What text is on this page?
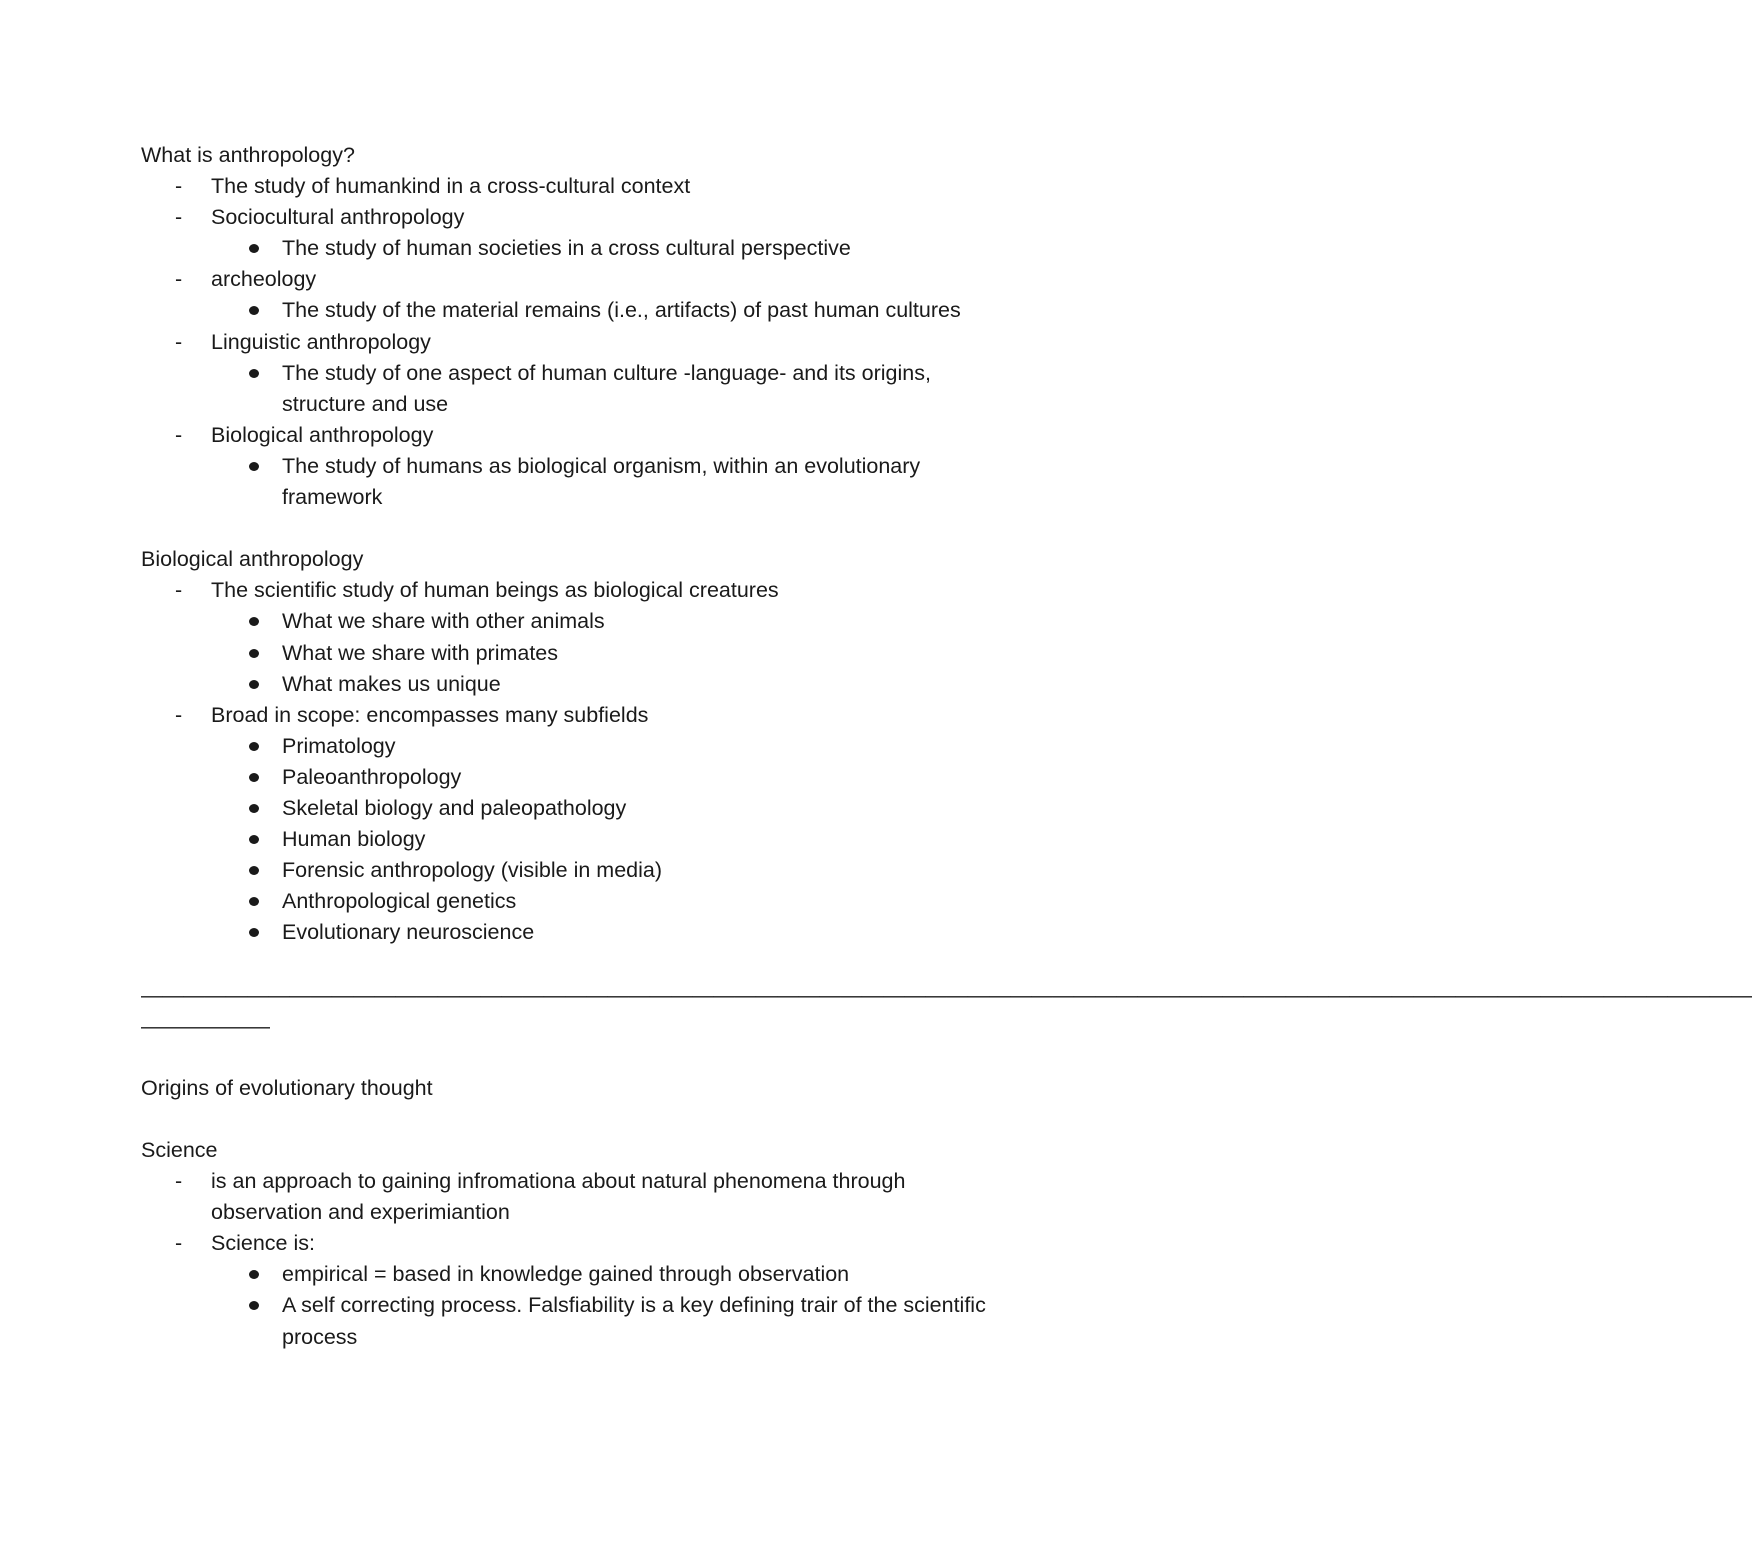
What is anthropology?

- The study of humankind in a cross-cultural context
- Sociocultural anthropology
The study of human societies in a cross cultural perspective
- archeology
The study of the material remains (i.e., artifacts) of past human cultures
- Linguistic anthropology
The study of one aspect of human culture -language- and its origins, structure and use
- Biological anthropology
The study of humans as biological organism, within an evolutionary framework

Biological anthropology

- The scientific study of human beings as biological creatures
What we share with other animals
What we share with primates
What makes us unique
- Broad in scope: encompasses many subfields
Primatology
Paleoanthropology
Skeletal biology and paleopathology
Human biology
Forensic anthropology (visible in media)
Anthropological genetics
Evolutionary neuroscience
————————————————————————————————————————————————————————————————————————————
——————

Origins of evolutionary thought

Science

- is an approach to gaining infromationa about natural phenomena through observation and experimiantion
- Science is:
empirical = based in knowledge gained through observation
A self correcting process. Falsfiability is a key defining trair of the scientific process
